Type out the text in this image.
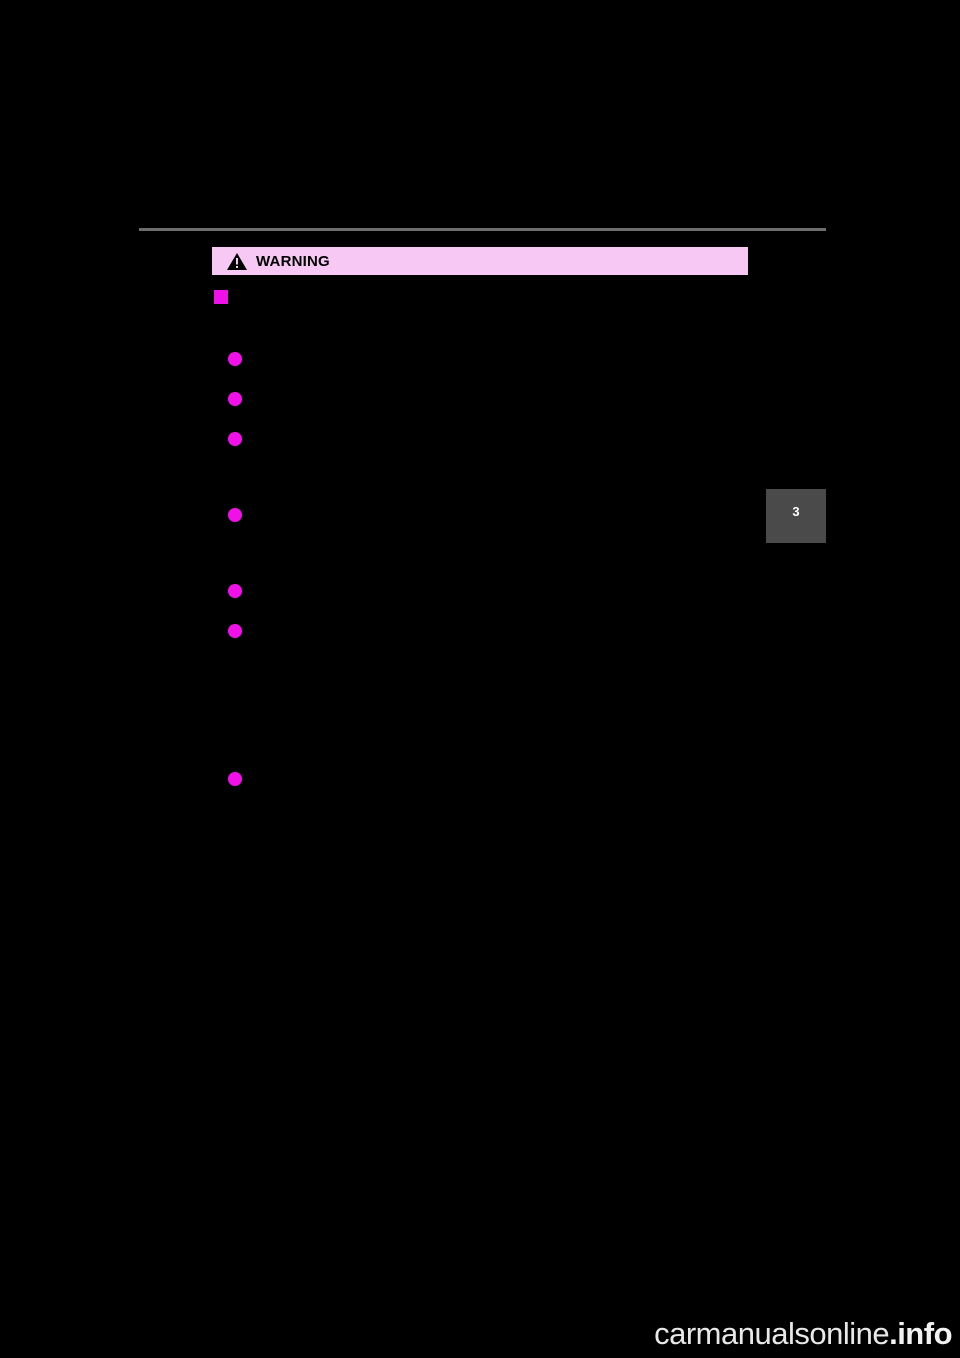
WARNING
3
carmanualsonline.info
